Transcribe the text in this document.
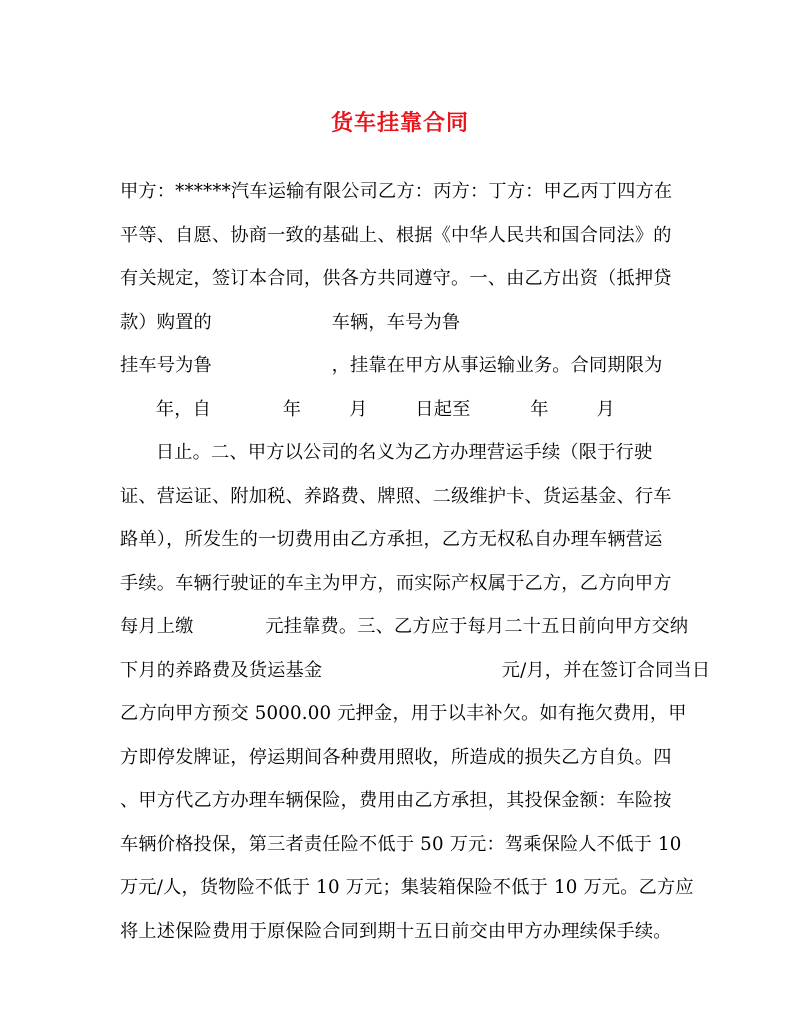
货车挂靠合同
甲方：******汽车运输有限公司乙方：丙方：丁方：甲乙丙丁四方在
平等、自愿、协商一致的基础上、根据《中华人民共和国合同法》的
有关规定，签订本合同，供各方共同遵守。一、由乙方出资（抵押贷
款）购置的                    车辆，车号为鲁
挂车号为鲁                    ，挂靠在甲方从事运输业务。合同期限为
年，自            年        月        日起至          年        月
日止。二、甲方以公司的名义为乙方办理营运手续（限于行驶
证、营运证、附加税、养路费、牌照、二级维护卡、货运基金、行车
路单），所发生的一切费用由乙方承担，乙方无权私自办理车辆营运
手续。车辆行驶证的车主为甲方，而实际产权属于乙方，乙方向甲方
每月上缴            元挂靠费。三、乙方应于每月二十五日前向甲方交纳
下月的养路费及货运基金                              元/月，并在签订合同当日
乙方向甲方预交 5000.00 元押金，用于以丰补欠。如有拖欠费用，甲
方即停发牌证，停运期间各种费用照收，所造成的损失乙方自负。四
、甲方代乙方办理车辆保险，费用由乙方承担，其投保金额：车险按
车辆价格投保，第三者责任险不低于 50 万元：驾乘保险人不低于 10
万元/人，货物险不低于 10 万元；集装箱保险不低于 10 万元。乙方应
将上述保险费用于原保险合同到期十五日前交由甲方办理续保手续。
